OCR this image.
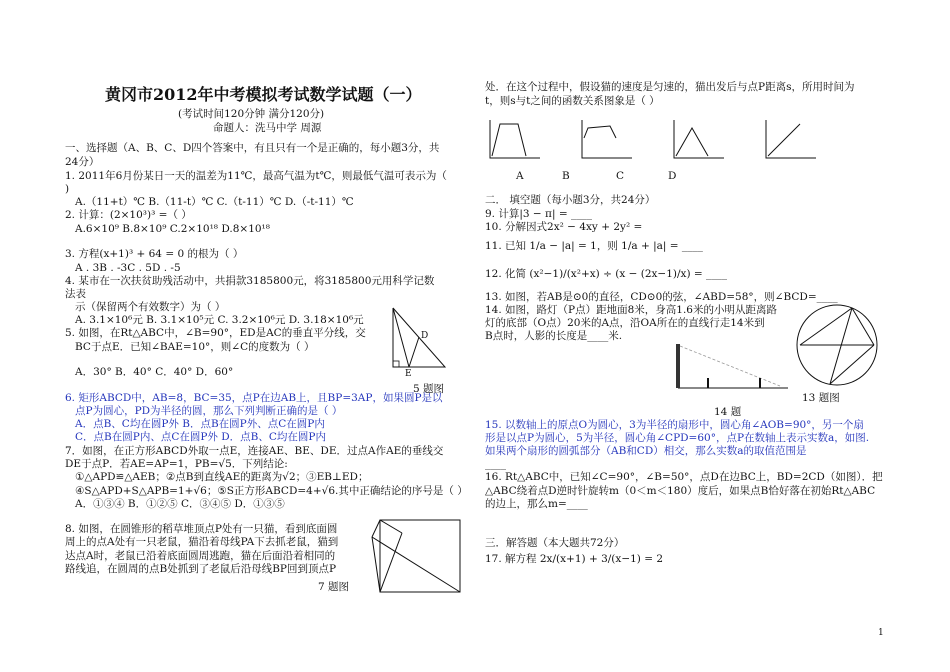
黄冈市2012年中考模拟考试数学试题（一）
(考试时间120分钟 满分120分)
命题人：洗马中学 周源
一、选择题（A、B、C、D四个答案中，有且只有一个是正确的，每小题3分，共
24分）
1. 2011年6月份某日一天的温差为11℃，最高气温为t℃，则最低气温可表示为（
)
A.（11+t）℃ B.（11-t）℃ C.（t-11）℃ D.（-t-11）℃
2. 计算：(2×10³)³ =（ ）
A.6×10⁹ B.8×10⁹ C.2×10¹⁸ D.8×10¹⁸
3. 方程(x+1)³ + 64 = 0 的根为（ ）
A . 3B . -3C . 5D . -5
4. 某市在一次扶贫助残活动中，共捐款3185800元，将3185800元用科学记数
法表
示（保留两个有效数字）为（ ）
A. 3.1×10⁶元 B. 3.1×10⁵元 C. 3.2×10⁶元 D. 3.18×10⁶元
5. 如图，在Rt△ABC中，∠B=90°，ED是AC的垂直平分线，交
BC于点E．已知∠BAE=10°，则∠C的度数为（ ）
A．30° B．40° C．40° D．60°
6. 矩形ABCD中，AB=8，BC=35，点P在边AB上，且BP=3AP，如果圆P是以
点P为圆心，PD为半径的圆，那么下列判断正确的是（ ）
A．点B、C均在圆P外 B．点B在圆P外、点C在圆P内
C．点B在圆P内、点C在圆P外 D．点B、C均在圆P内
7．如图，在正方形ABCD外取一点E，连接AE、BE、DE．过点A作AE的垂线交
DE于点P．若AE=AP=1，PB=√5．下列结论:
①△APD≌△AEB；②点B到直线AE的距离为√2；③EB⊥ED；
④S△APD+S△APB=1+√6；⑤S正方形ABCD=4+√6.其中正确结论的序号是（ ）
A．①③④ B．①②⑤ C．③④⑤ D．①③⑤
8. 如图，在圆锥形的稻草堆顶点P处有一只猫，看到底面圆
周上的点A处有一只老鼠，猫沿着母线PA下去抓老鼠，猫到
达点A时，老鼠已沿着底面圆周逃跑，猫在后面沿着相同的
路线追，在圆周的点B处抓到了老鼠后沿母线BP回到顶点P
处．在这个过程中，假设猫的速度是匀速的，猫出发后与点P距离s，所用时间为
t，则s与t之间的函数关系图象是（ ）
二． 填空题（每小题3分，共24分）
9. 计算|3 − π| = ____
10. 分解因式2x² − 4xy + 2y² =
11. 已知 1/a − |a| = 1，则 1/a + |a| = ____
12. 化简 (x²−1)/(x²+x) ÷ (x − (2x−1)/x) = ____
13. 如图，若AB是⊙0的直径，CD⊙0的弦，∠ABD=58°，则∠BCD=____
14. 如图，路灯（P点）距地面8米，身高1.6米的小明从距离路
灯的底部（O点）20米的A点，沿OA所在的直线行走14米到
B点时，人影的长度是____米.
15. 以数轴上的原点O为圆心，3为半径的扇形中，圆心角∠AOB=90°，另一个扇
形是以点P为圆心，5为半径，圆心角∠CPD=60°，点P在数轴上表示实数a，如图.
如果两个扇形的圆弧部分（AB和CD）相交，那么实数a的取值范围是
____
16. Rt△ABC中，已知∠C=90°，∠B=50°，点D在边BC上，BD=2CD（如图）．把
△ABC绕着点D逆时针旋转m（0＜m＜180）度后，如果点B恰好落在初始Rt△ABC
的边上，那么m=____
三．解答题（本大题共72分）
17. 解方程 2x/(x+1) + 3/(x−1) = 2
E
D
5 题图
7 题图
A	B	C	D
13 题图
14 题
1
